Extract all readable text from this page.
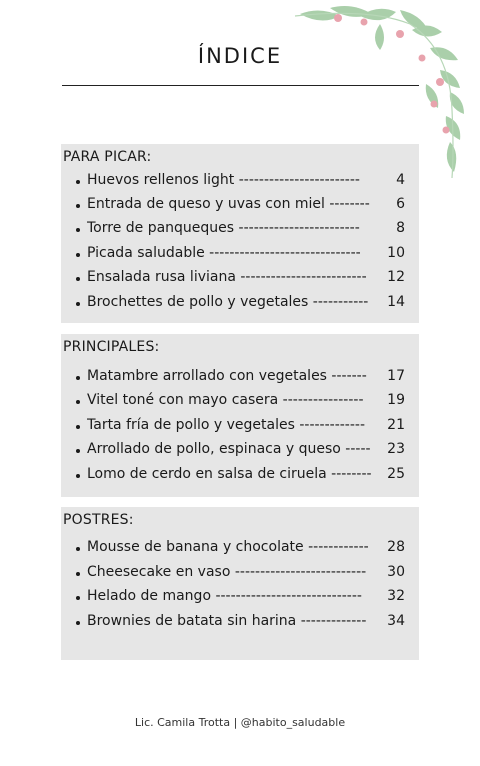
ÍNDICE
PARA PICAR:
Huevos rellenos light ------------------------	4
Entrada de queso y uvas con miel --------	6
Torre de panqueques ------------------------	8
Picada saludable ------------------------------	10
Ensalada rusa liviana -------------------------	12
Brochettes de pollo y vegetales -----------	14
PRINCIPALES:
Matambre arrollado con vegetales -------	17
Vitel toné con mayo casera ----------------	19
Tarta fría de pollo y vegetales -------------	21
Arrollado de pollo, espinaca y queso -----	23
Lomo de cerdo en salsa de ciruela --------	25
POSTRES:
Mousse de banana y chocolate ------------	28
Cheesecake en vaso --------------------------	30
Helado de mango -----------------------------	32
Brownies de batata sin harina -------------	34
Lic. Camila Trotta | @habito_saludable
